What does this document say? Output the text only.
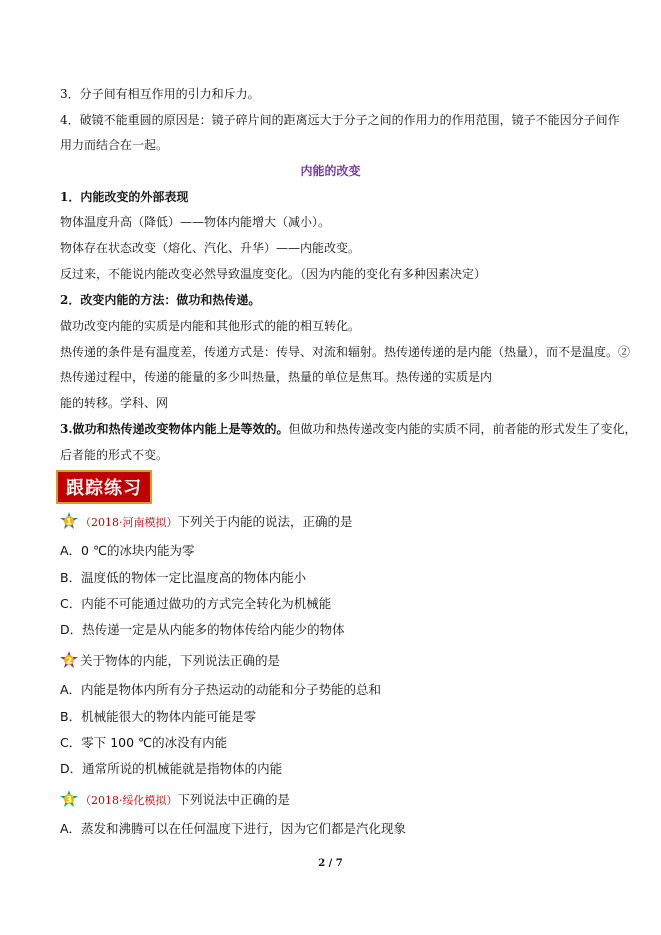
3．分子间有相互作用的引力和斥力。
4．破镜不能重圆的原因是：镜子碎片间的距离远大于分子之间的作用力的作用范围，镜子不能因分子间作
用力而结合在一起。
内能的改变
1．内能改变的外部表现
物体温度升高（降低）——物体内能增大（减小）。
物体存在状态改变（熔化、汽化、升华）——内能改变。
反过来，不能说内能改变必然导致温度变化。（因为内能的变化有多种因素决定）
2．改变内能的方法：做功和热传递。
做功改变内能的实质是内能和其他形式的能的相互转化。
热传递的条件是有温度差，传递方式是：传导、对流和辐射。热传递传递的是内能（热量），而不是温度。②
热传递过程中，传递的能量的多少叫热量，热量的单位是焦耳。热传递的实质是内
能的转移。学科、网
3.做功和热传递改变物体内能上是等效的。但做功和热传递改变内能的实质不同，前者能的形式发生了变化，
后者能的形式不变。
跟踪练习
1 （2018·河南模拟）下列关于内能的说法，正确的是
A．0 ℃的冰块内能为零
B．温度低的物体一定比温度高的物体内能小
C．内能不可能通过做功的方式完全转化为机械能
D．热传递一定是从内能多的物体传给内能少的物体
2 关于物体的内能，下列说法正确的是
A．内能是物体内所有分子热运动的动能和分子势能的总和
B．机械能很大的物体内能可能是零
C．零下 100 ℃的冰没有内能
D．通常所说的机械能就是指物体的内能
3 （2018·绥化模拟）下列说法中正确的是
A．蒸发和沸腾可以在任何温度下进行，因为它们都是汽化现象
2 / 7
